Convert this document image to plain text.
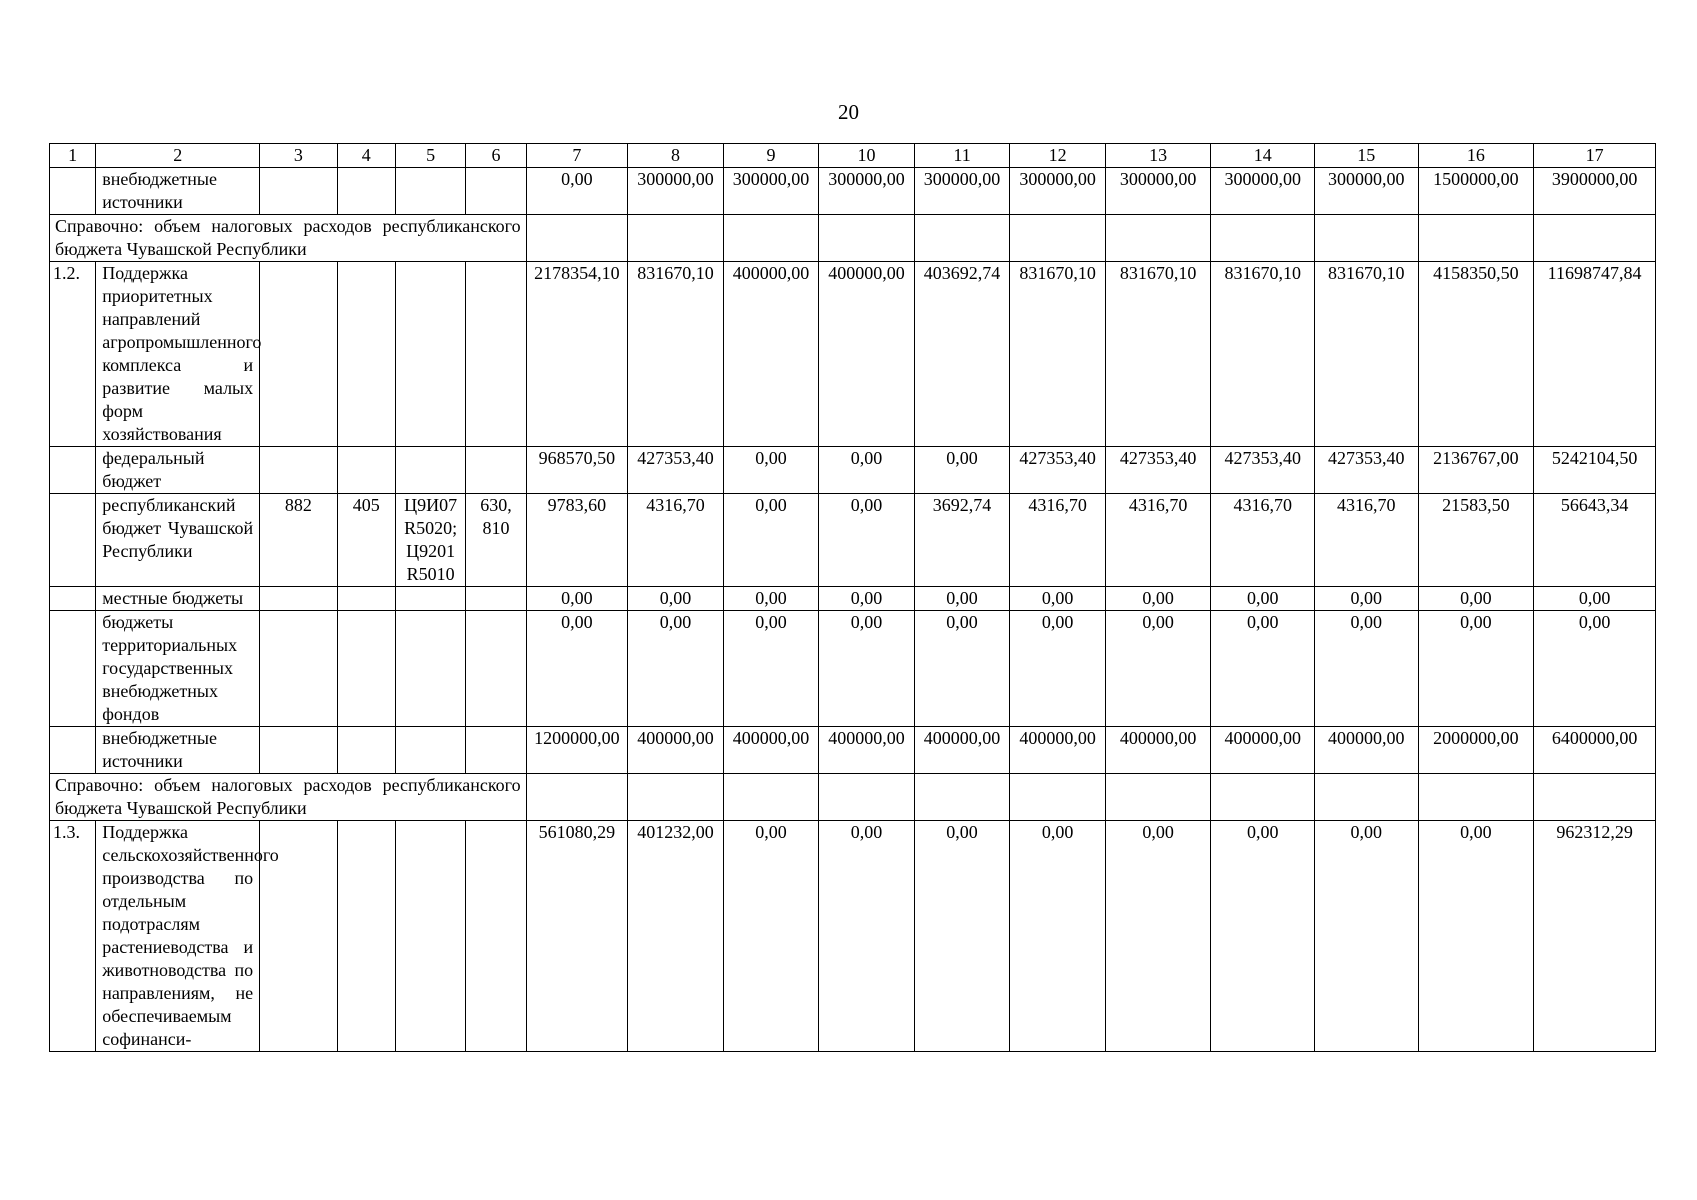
20
1	2	3	4	5	6	7	8	9	10	11	12	13	14	15	16	17
	внебюджетные источники					0,00	300000,00	300000,00	300000,00	300000,00	300000,00	300000,00	300000,00	300000,00	1500000,00	3900000,00
Справочно: объем налоговых расходов республиканского бюджета Чувашской Республики																
1.2.	Поддержка приоритетных направлений агропромышленного комплекса и развитие малых форм хозяйствования					2178354,10	831670,10	400000,00	400000,00	403692,74	831670,10	831670,10	831670,10	831670,10	4158350,50	11698747,84
	федеральный бюджет					968570,50	427353,40	0,00	0,00	0,00	427353,40	427353,40	427353,40	427353,40	2136767,00	5242104,50
	республиканский бюджет Чувашской Республики	882	405	Ц9И07 R5020; Ц9201 R5010	630, 810	9783,60	4316,70	0,00	0,00	3692,74	4316,70	4316,70	4316,70	4316,70	21583,50	56643,34
	местные бюджеты					0,00	0,00	0,00	0,00	0,00	0,00	0,00	0,00	0,00	0,00	0,00
	бюджеты территориальных государственных внебюджетных фондов					0,00	0,00	0,00	0,00	0,00	0,00	0,00	0,00	0,00	0,00	0,00
	внебюджетные источники					1200000,00	400000,00	400000,00	400000,00	400000,00	400000,00	400000,00	400000,00	400000,00	2000000,00	6400000,00
Справочно: объем налоговых расходов республиканского бюджета Чувашской Республики																
1.3.	Поддержка сельскохозяйственного производства по отдельным подотраслям растениеводства и животноводства по направлениям, не обеспечиваемым софинанси-					561080,29	401232,00	0,00	0,00	0,00	0,00	0,00	0,00	0,00	0,00	962312,29
